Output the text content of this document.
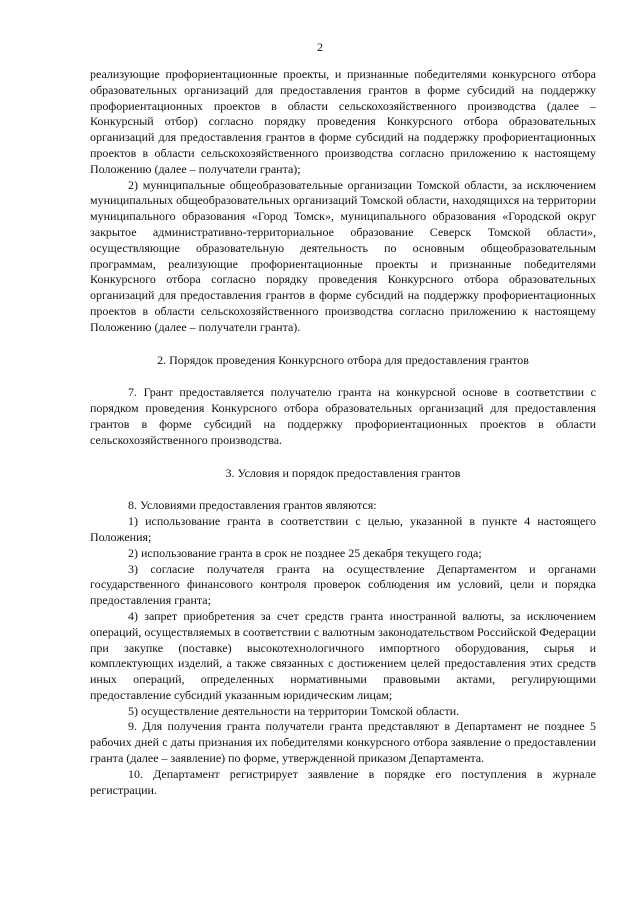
2

реализующие профориентационные проекты, и признанные победителями конкурсного отбора образовательных организаций для предоставления грантов в форме субсидий на поддержку профориентационных проектов в области сельскохозяйственного производства (далее – Конкурсный отбор) согласно порядку проведения Конкурсного отбора образовательных организаций для предоставления грантов в форме субсидий на поддержку профориентационных проектов в области сельскохозяйственного производства согласно приложению к настоящему Положению (далее – получатели гранта);

2) муниципальные общеобразовательные организации Томской области, за исключением муниципальных общеобразовательных организаций Томской области, находящихся на территории муниципального образования «Город Томск», муниципального образования «Городской округ закрытое административно-территориальное образование Северск Томской области», осуществляющие образовательную деятельность по основным общеобразовательным программам, реализующие профориентационные проекты и признанные победителями Конкурсного отбора согласно порядку проведения Конкурсного отбора образовательных организаций для предоставления грантов в форме субсидий на поддержку профориентационных проектов в области сельскохозяйственного производства согласно приложению к настоящему Положению (далее – получатели гранта).

2. Порядок проведения Конкурсного отбора для предоставления грантов

7. Грант предоставляется получателю гранта на конкурсной основе в соответствии с порядком проведения Конкурсного отбора образовательных организаций для предоставления грантов в форме субсидий на поддержку профориентационных проектов в области сельскохозяйственного производства.

3. Условия и порядок предоставления грантов

8. Условиями предоставления грантов являются:

1) использование гранта в соответствии с целью, указанной в пункте 4 настоящего Положения;

2) использование гранта в срок не позднее 25 декабря текущего года;

3) согласие получателя гранта на осуществление Департаментом и органами государственного финансового контроля проверок соблюдения им условий, цели и порядка предоставления гранта;

4) запрет приобретения за счет средств гранта иностранной валюты, за исключением операций, осуществляемых в соответствии с валютным законодательством Российской Федерации при закупке (поставке) высокотехнологичного импортного оборудования, сырья и комплектующих изделий, а также связанных с достижением целей предоставления этих средств иных операций, определенных нормативными правовыми актами, регулирующими предоставление субсидий указанным юридическим лицам;

5) осуществление деятельности на территории Томской области.

9. Для получения гранта получатели гранта представляют в Департамент не позднее 5 рабочих дней с даты признания их победителями конкурсного отбора заявление о предоставлении гранта (далее – заявление) по форме, утвержденной приказом Департамента.

10. Департамент регистрирует заявление в порядке его поступления в журнале регистрации.
